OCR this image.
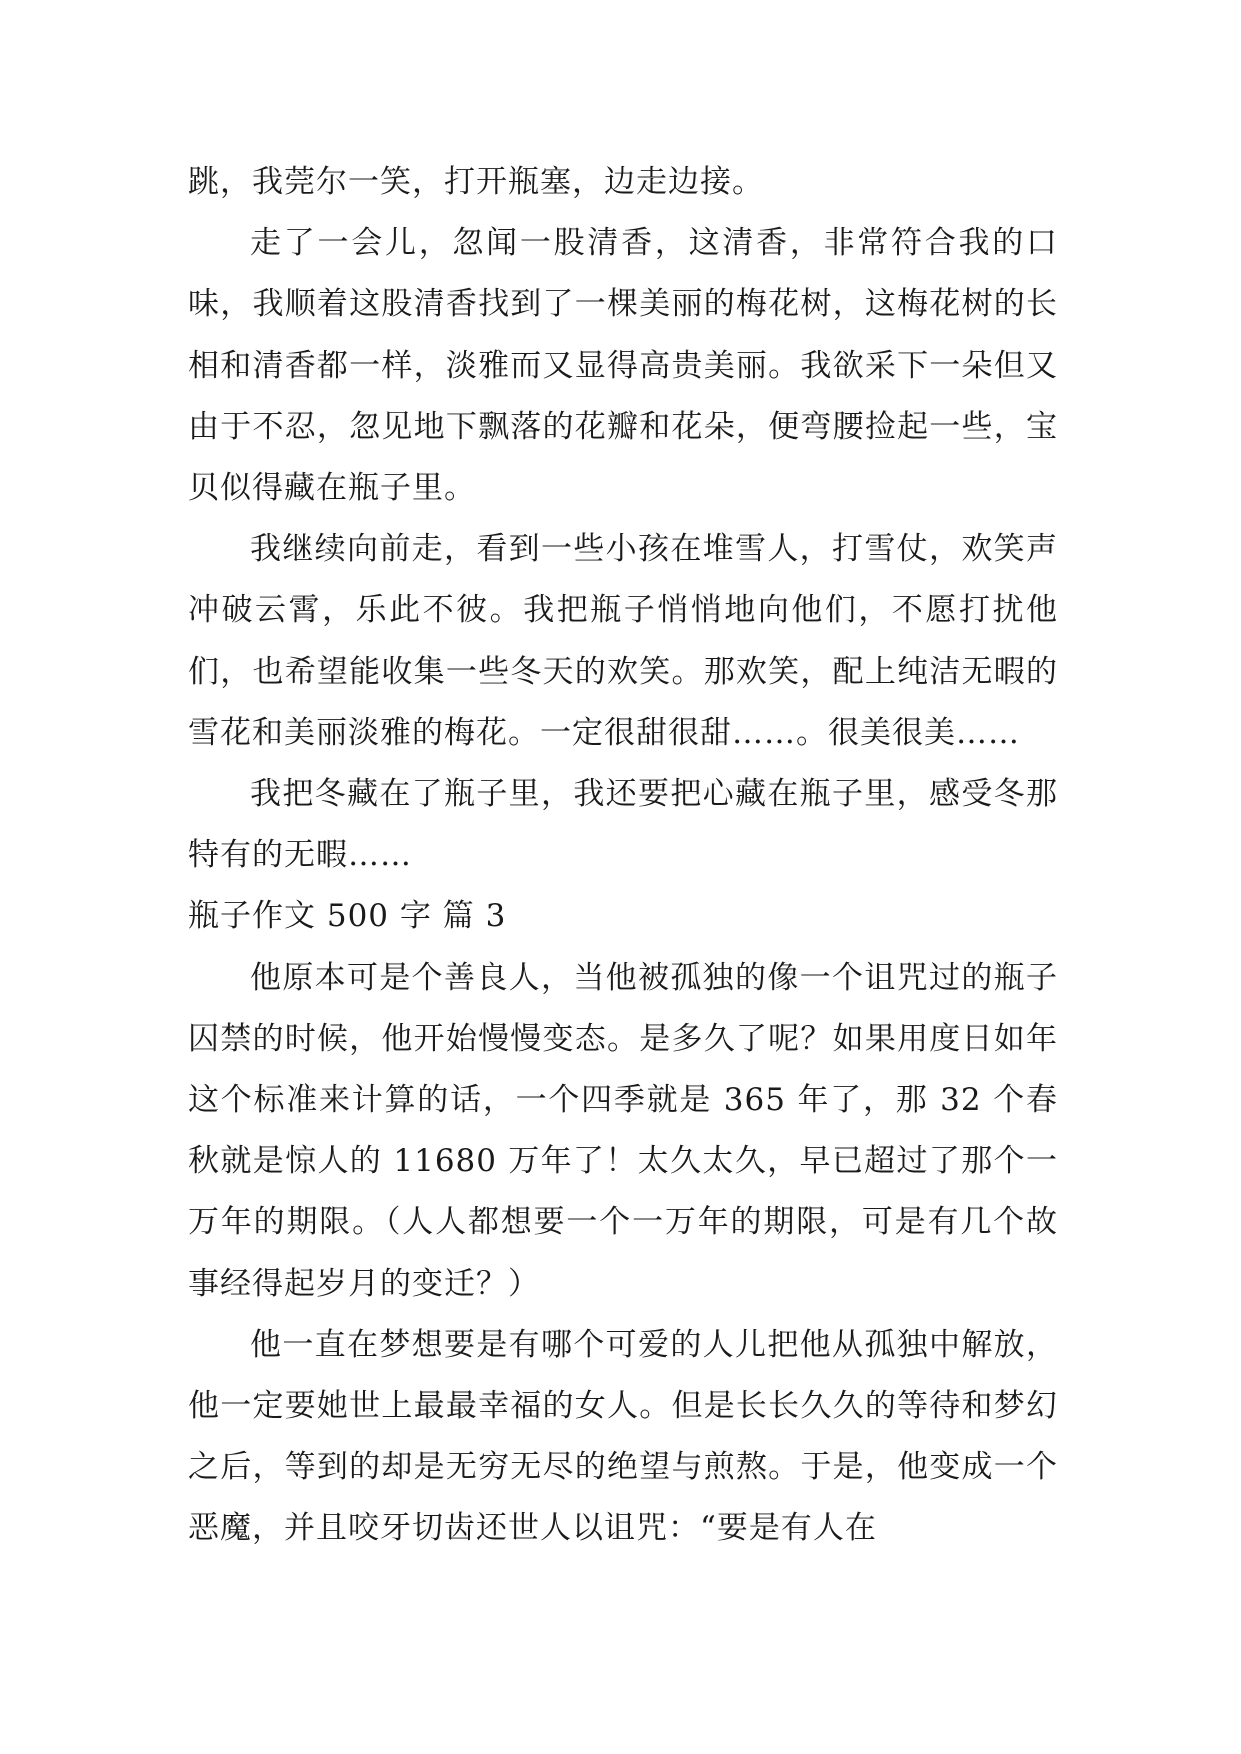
跳，我莞尔一笑，打开瓶塞，边走边接。

走了一会儿，忽闻一股清香，这清香，非常符合我的口味，我顺着这股清香找到了一棵美丽的梅花树，这梅花树的长相和清香都一样，淡雅而又显得高贵美丽。我欲采下一朵但又由于不忍，忽见地下飘落的花瓣和花朵，便弯腰捡起一些，宝贝似得藏在瓶子里。

我继续向前走，看到一些小孩在堆雪人，打雪仗，欢笑声冲破云霄，乐此不彼。我把瓶子悄悄地向他们，不愿打扰他们，也希望能收集一些冬天的欢笑。那欢笑，配上纯洁无暇的雪花和美丽淡雅的梅花。一定很甜很甜……。很美很美……

我把冬藏在了瓶子里，我还要把心藏在瓶子里，感受冬那特有的无暇……

瓶子作文 500 字 篇 3

他原本可是个善良人，当他被孤独的像一个诅咒过的瓶子囚禁的时候，他开始慢慢变态。是多久了呢？如果用度日如年这个标准来计算的话，一个四季就是 365 年了，那 32 个春秋就是惊人的 11680 万年了！太久太久，早已超过了那个一万年的期限。（人人都想要一个一万年的期限，可是有几个故事经得起岁月的变迁？）

他一直在梦想要是有哪个可爱的人儿把他从孤独中解放，他一定要她世上最最幸福的女人。但是长长久久的等待和梦幻之后，等到的却是无穷无尽的绝望与煎熬。于是，他变成一个恶魔，并且咬牙切齿还世人以诅咒：“要是有人在
